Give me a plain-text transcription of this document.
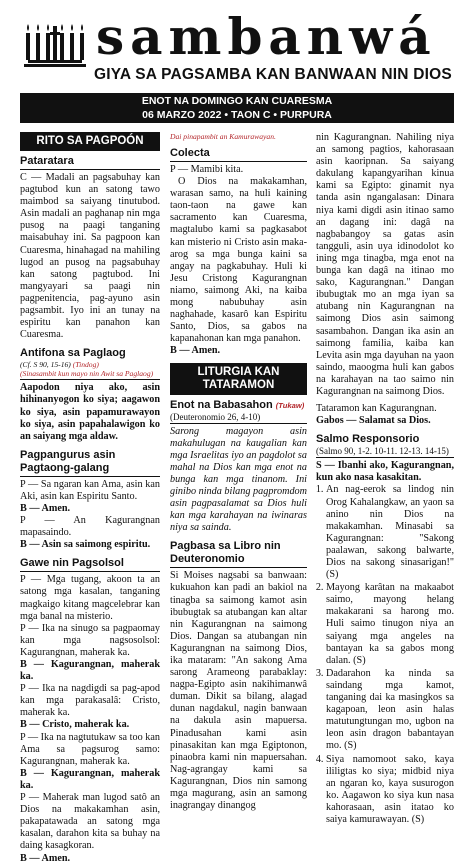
sambanwá
GIYA SA PAGSAMBA KAN BANWAAN NIN DIOS
ENOT NA DOMINGO KAN CUARESMA
06 MARZO 2022 • TAON C • PURPURA
RITO SA PAGPOÓN
Pataratara

C — Madali an pagsabuhay kan pagtubod kun an satong tawo maimbod sa saiyang tinutubod. Asin madali an paghanap nin mga pusog na paagi tanganing maisabuhay ini. Sa pagpoon kan Cuaresma, hinahagad na mahiling lugod an pusog na pagsabuhay kan satong pagtubod. Ini mangyayari sa paagi nin pagpenitencia, pag-ayuno asin pagsambit. Iyo ini an tunay na espiritu kan panahon kan Cuaresma.

Antifona sa Paglaog
(Cf. S 90, 15-16) (Tindog)
(Sinasambit kun mayo nin Awit sa Paglaog)

Aapodon niya ako, asin hihinanyogon ko siya; aagawon ko siya, asin papamurawayon ko siya, asin papahalawigon ko an saiyang mga aldaw.

Pagpangurus asin Pagtaong-galang

P — Sa ngaran kan Ama, asin kan Aki, asin kan Espiritu Santo.

B — Amen.

P — An Kagurangnan mapasaindo.

B — Asin sa saimong espiritu.

Gawe nin Pagsolsol

P — Mga tugang, akoon ta an satong mga kasalan, tanganing magkaigo kitang magcelebrar kan mga banal na misterio.

P — Ika na sinugo sa pagpaomay kan mga nagsosolsol: Kagurangnan, maherak ka.

B — Kagurangnan, maherak ka.

P — Ika na nagdigdi sa pag-apod kan mga parakasalâ: Cristo, maherak ka.

B — Cristo, maherak ka.

P — Ika na nagtutukaw sa too kan Ama sa pagsurog samo: Kagurangnan, maherak ka.

B — Kagurangnan, maherak ka.

P — Maherak man lugod satô an Dios na makakamhan asin, pakapatawada an satong mga kasalan, darahon kita sa buhay na daing kasagkoran.

B — Amen.

Dai pinapambit an Kamurawayan.
Colecta

P — Mamibi kita.

O Dios na makakamhan, warasan samo, na huli kaining taon-taon na gawe kan sacramento kan Cuaresma, magtalubo kami sa pagkasabot kan misterio ni Cristo asin maka-arog sa mga bunga kaini sa angay na pagkabuhay. Huli ki Jesu Cristong Kagurangnan niamo, saimong Aki, na kaiba mong nabubuhay asin naghahade, kasarô kan Espiritu Santo, Dios, sa gabos na kapanahonan kan mga panahon.

B — Amen.

LITURGIA KAN
TATARAMON
Enot na Babasahon (Tukaw)
(Deuteronomio 26, 4-10)

Sarong magayon asin makahulugan na kaugalian kan mga Israelitas iyo an pagdolot sa mahal na Dios kan mga enot na bunga kan mga tinanom. Ini ginibo ninda bilang pagpromdom asin pagpasalamat sa Dios huli kan mga karahayan na iwinaras niya sa sainda.

Pagbasa sa Libro nin Deuteronomio

Si Moises nagsabi sa banwaan: kukuahon kan padi an bakiol na tinagba sa saimong kamot asin ibubugtak sa atubangan kan altar nin Kagurangnan na saimong Dios. Dangan sa atubangan nin Kagurangnan na saimong Dios, ika mataram: "An sakong Ama sarong Arameong parabaklay: nagpa-Egipto asin nakihimanwâ duman. Dikit sa bilang, alagad dunan nagdakul, nagin banwaan na dakula asin mapuersa. Pinadusahan kami asin pinasakitan kan mga Egiptonon, pinaobra kami nin mapuersahan. Nag-agrangay kami sa Kagurangnan, Dios nin samong mga magurang, asin an samong inagrangay dinangog

nin Kagurangnan. Nahiling niya an samong pagtios, kahorasaan asin kaoripnan. Sa saiyang dakulang kapangyarihan kinua kami sa Egipto: ginamit nya tanda asin ngangalasan: Dinara niya kami digdi asin itinao samo an dagang ini: dagâ na nagbabangoy sa gatas asin tangguli, asin uya idinodolot ko ining mga tinagba, mga enot na bunga kan dagâ na itinao mo sako, Kagurangnan." Dangan ibubugtak mo an mga iyan sa atubang nin Kagurangnan na saimong Dios asin saimong sasambahon. Dangan ika asin an saimong familia, kaiba kan Levita asin mga dayuhan na yaon saindo, maoogma huli kan gabos na karahayan na tao saimo nin Kagurangnan na saimong Dios.

Tataramon kan Kagurangnan.

Gabos — Salamat sa Dios.

Salmo Responsorio
(Salmo 90, 1-2. 10-11. 12-13. 14-15)

S — Ibanhi ako, Kagurangnan, kun ako nasa kasakitan.

1. An nag-eerok sa lindog nin Orog Kahalangkaw, an yaon sa anino nin Dios na makakamhan. Minasabi sa Kagurangnan: "Sakong paalawan, sakong balwarte, Dios na sakong sinasarigan!" (S)
2. Mayong karâtan na makaabot saimo, mayong helang makakarani sa harong mo. Huli saimo tinugon niya an saiyang mga angeles na bantayan ka sa gabos mong dalan. (S)
3. Dadarahon ka ninda sa saindang mga kamot, tanganing dai ka masingkos sa kagapoan, leon asin halas matutungtungan mo, ugbon na leon asin dragon babantayan mo. (S)
4. Siya namomoot sako, kaya ililigtas ko siya; midbid niya an ngaran ko, kaya susurogon ko. Aagawon ko siya kun nasa kahorasaan, asin itatao ko saiya kamurawayan. (S)
